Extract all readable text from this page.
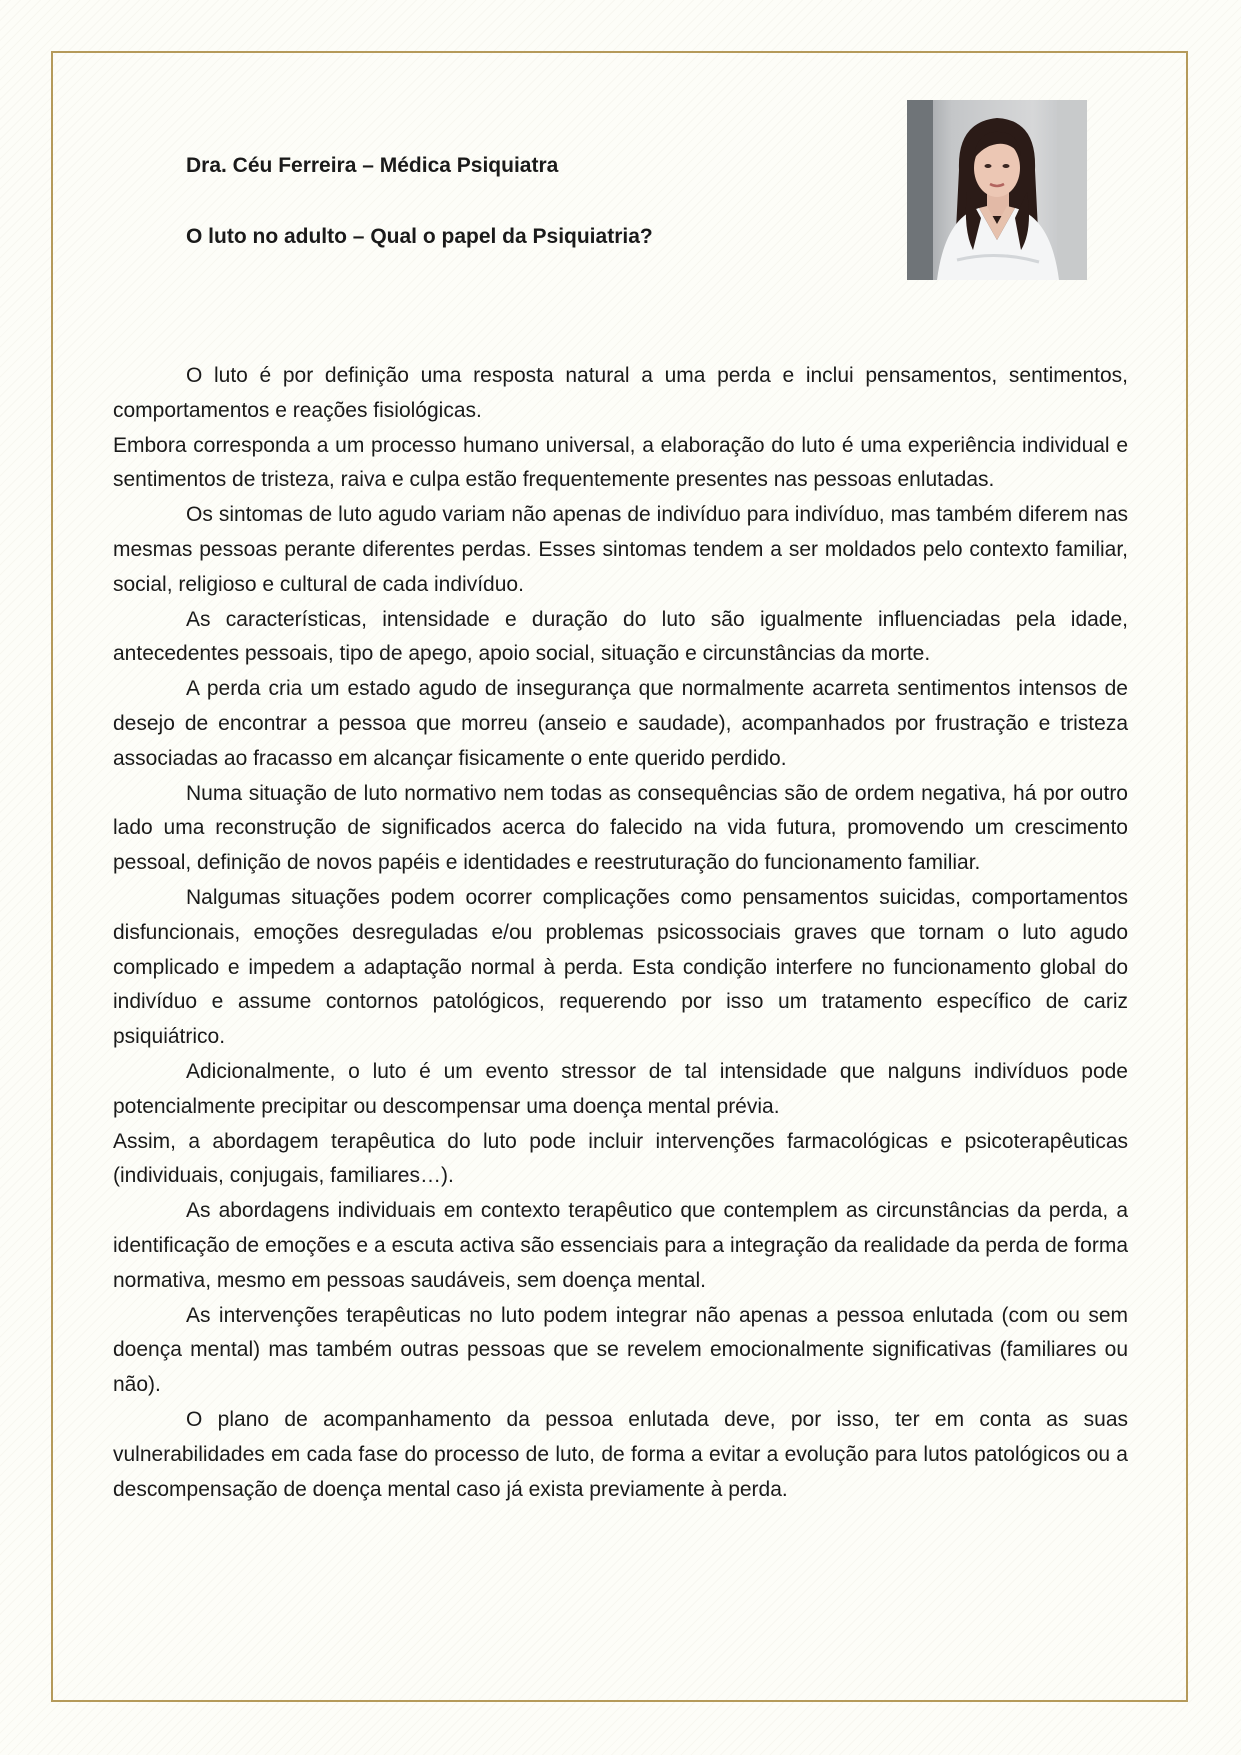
Dra. Céu Ferreira – Médica Psiquiatra

O luto no adulto – Qual o papel da Psiquiatria?

O luto é por definição uma resposta natural a uma perda e inclui pensamentos, sentimentos, comportamentos e reações fisiológicas.

Embora corresponda a um processo humano universal, a elaboração do luto é uma experiência individual e sentimentos de tristeza, raiva e culpa estão frequentemente presentes nas pessoas enlutadas.

Os sintomas de luto agudo variam não apenas de indivíduo para indivíduo, mas também diferem nas mesmas pessoas perante diferentes perdas. Esses sintomas tendem a ser moldados pelo contexto familiar, social, religioso e cultural de cada indivíduo.

As características, intensidade e duração do luto são igualmente influenciadas pela idade, antecedentes pessoais, tipo de apego, apoio social, situação e circunstâncias da morte.

A perda cria um estado agudo de insegurança que normalmente acarreta sentimentos intensos de desejo de encontrar a pessoa que morreu (anseio e saudade), acompanhados por frustração e tristeza associadas ao fracasso em alcançar fisicamente o ente querido perdido.

Numa situação de luto normativo nem todas as consequências são de ordem negativa, há por outro lado uma reconstrução de significados acerca do falecido na vida futura, promovendo um crescimento pessoal, definição de novos papéis e identidades e reestruturação do funcionamento familiar.

Nalgumas situações podem ocorrer complicações como pensamentos suicidas, comportamentos disfuncionais, emoções desreguladas e/ou problemas psicossociais graves que tornam o luto agudo complicado e impedem a adaptação normal à perda. Esta condição interfere no funcionamento global do indivíduo e assume contornos patológicos, requerendo por isso um tratamento específico de cariz psiquiátrico.

Adicionalmente, o luto é um evento stressor de tal intensidade que nalguns indivíduos pode potencialmente precipitar ou descompensar uma doença mental prévia.

Assim, a abordagem terapêutica do luto pode incluir intervenções farmacológicas e psicoterapêuticas (individuais, conjugais, familiares…).

As abordagens individuais em contexto terapêutico que contemplem as circunstâncias da perda, a identificação de emoções e a escuta activa são essenciais para a integração da realidade da perda de forma normativa, mesmo em pessoas saudáveis, sem doença mental.

As intervenções terapêuticas no luto podem integrar não apenas a pessoa enlutada (com ou sem doença mental) mas também outras pessoas que se revelem emocionalmente significativas (familiares ou não).

O plano de acompanhamento da pessoa enlutada deve, por isso, ter em conta as suas vulnerabilidades em cada fase do processo de luto, de forma a evitar a evolução para lutos patológicos ou a descompensação de doença mental caso já exista previamente à perda.
